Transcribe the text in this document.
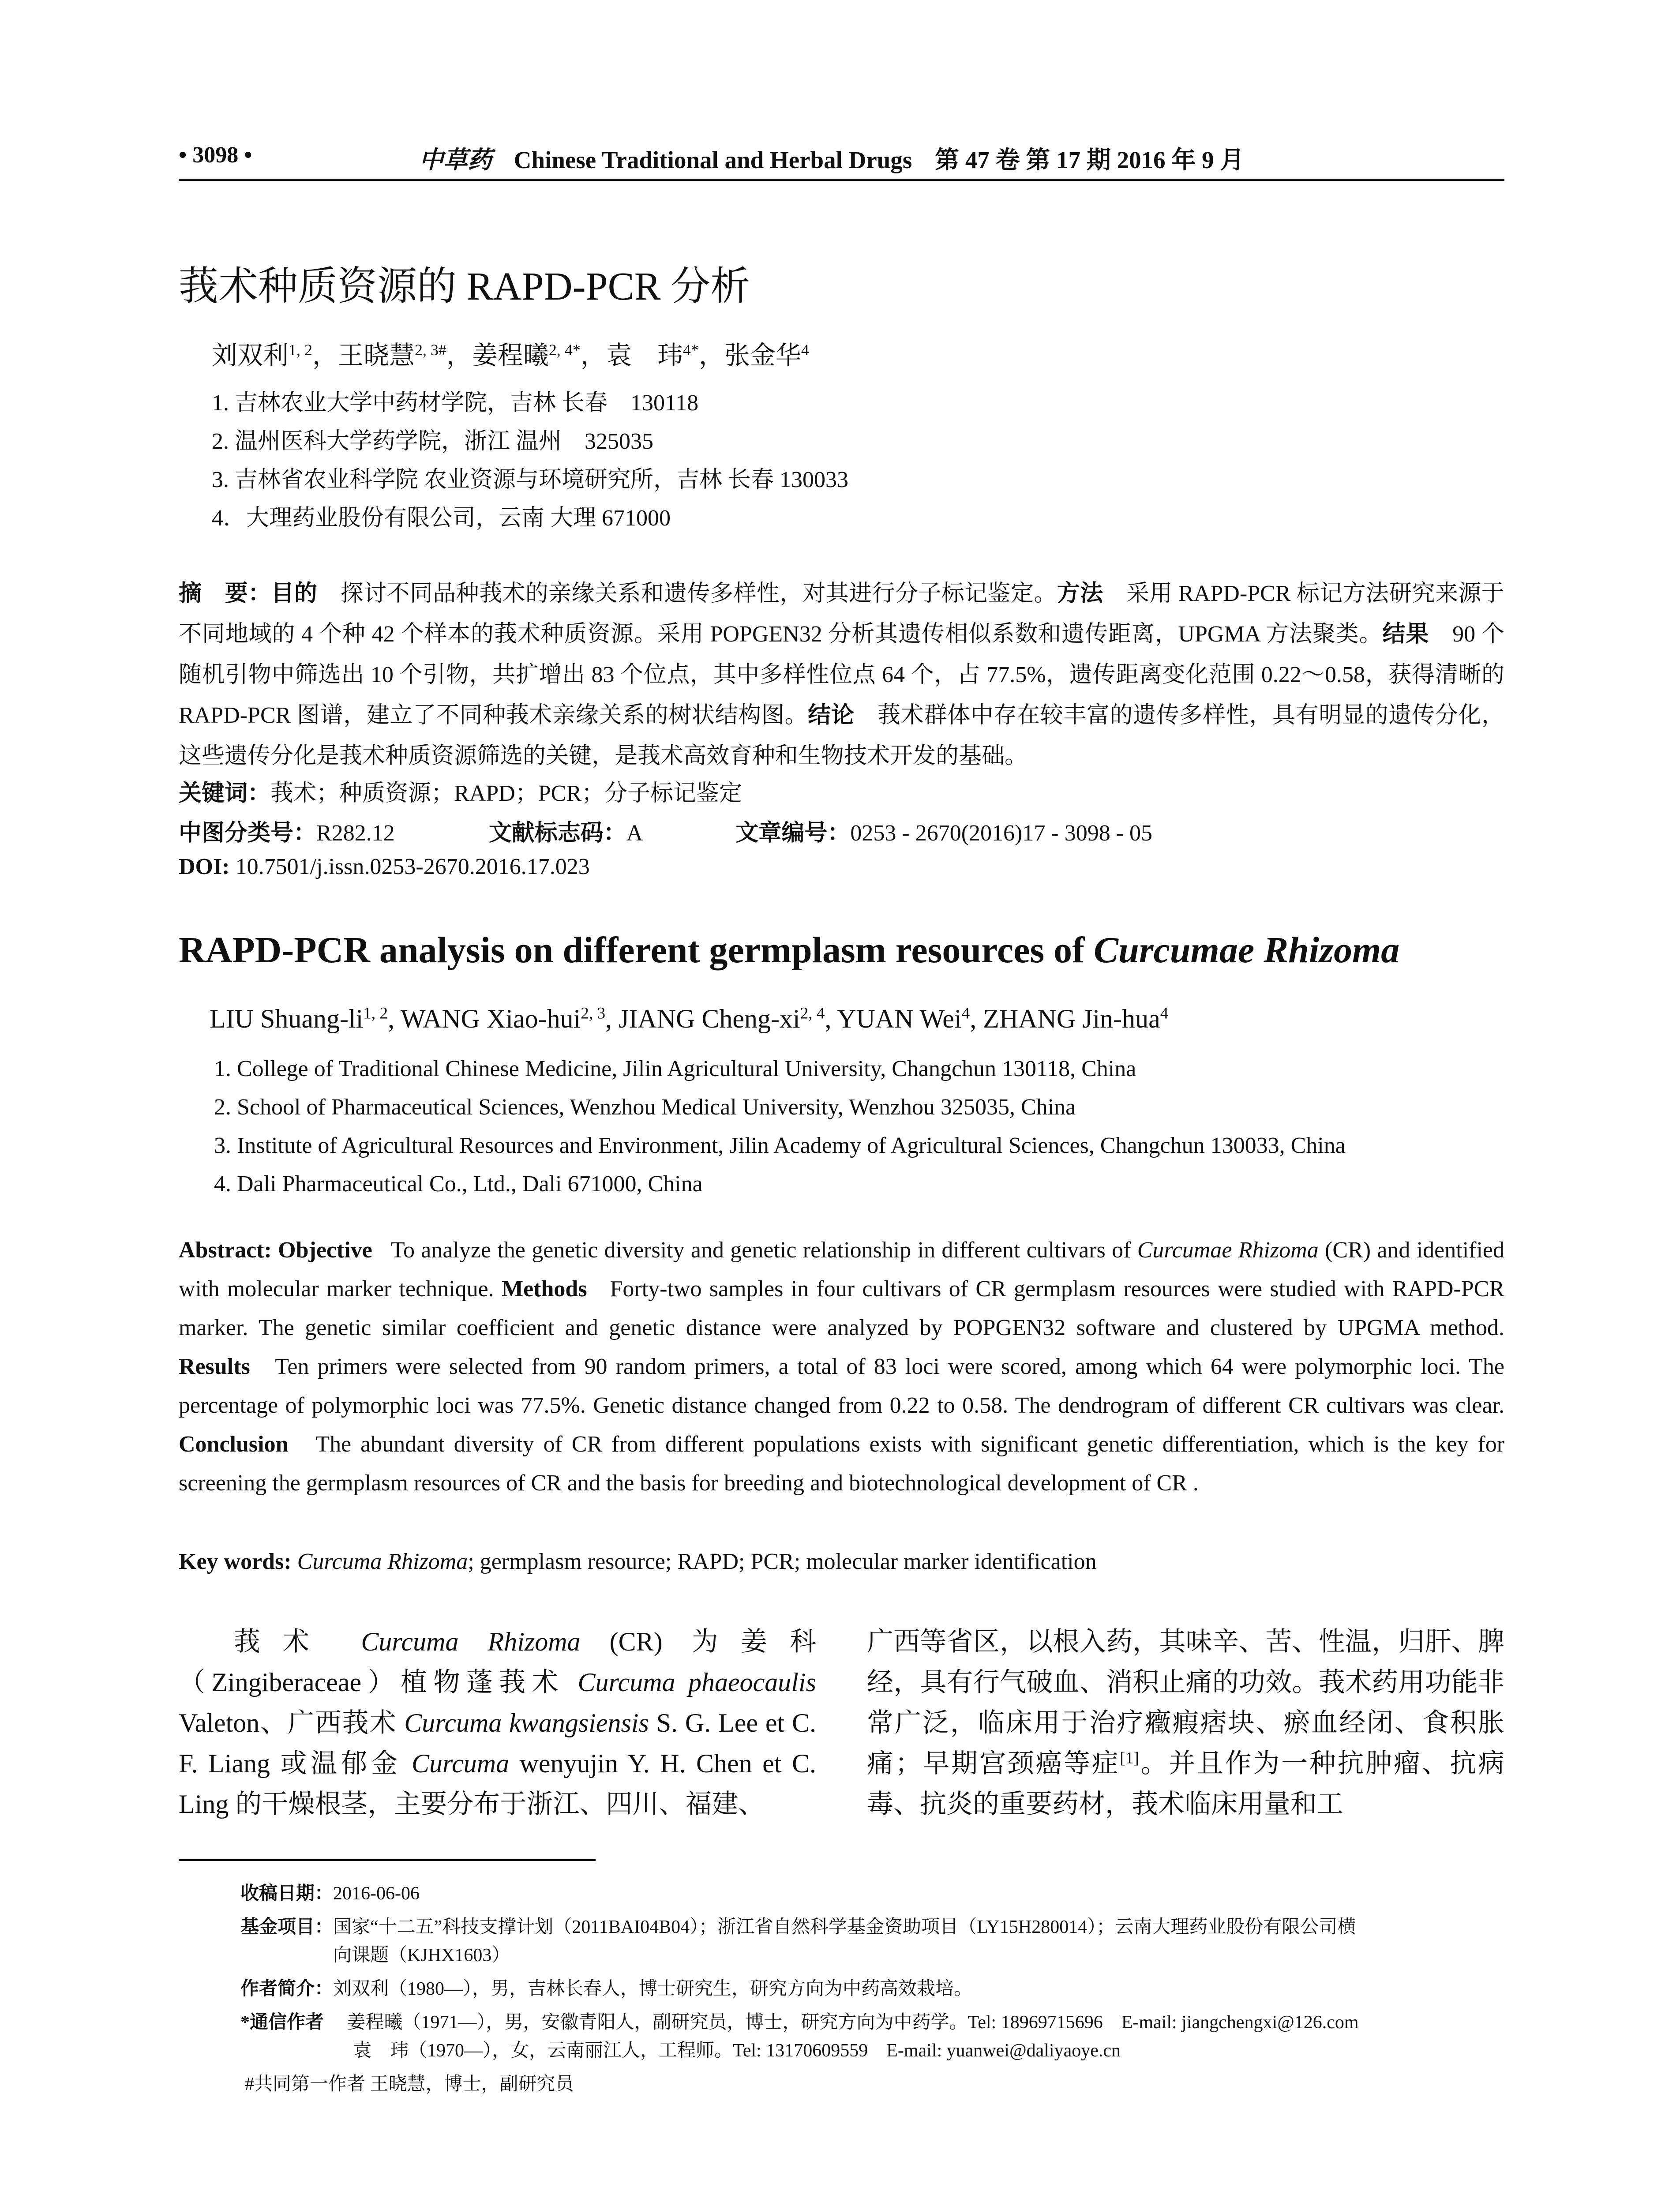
• 3098 •	中草药 Chinese Traditional and Herbal Drugs 第 47 卷 第 17 期 2016 年 9 月
莪术种质资源的 RAPD-PCR 分析
刘双利$^{1, 2}$，王晓慧$^{2, 3\#}$，姜程曦$^{2, 4*}$，袁　玮$^{4*}$，张金华$^4$
1. 吉林农业大学中药材学院，吉林 长春　130118
2. 温州医科大学药学院，浙江 温州　325035
3. 吉林省农业科学院 农业资源与环境研究所，吉林 长春 130033
4．大理药业股份有限公司，云南 大理 671000

摘　要：目的　 探讨不同品种莪术的亲缘关系和遗传多样性，对其进行分子标记鉴定。方法　 采用 RAPD-PCR 标记方法研究来源于不同地域的 4 个种 42 个样本的莪术种质资源。采用 POPGEN32 分析其遗传相似系数和遗传距离，UPGMA 方法聚类。结果　 90 个随机引物中筛选出 10 个引物，共扩增出 83 个位点，其中多样性位点 64 个，占 77.5%，遗传距离变化范围 0.22～0.58，获得清晰的 RAPD-PCR 图谱，建立了不同种莪术亲缘关系的树状结构图。结论　 莪术群体中存在较丰富的遗传多样性，具有明显的遗传分化，这些遗传分化是莪术种质资源筛选的关键，是莪术高效育种和生物技术开发的基础。

关键词：莪术；种质资源；RAPD；PCR；分子标记鉴定
中图分类号：R282.12	文献标志码：A	文章编号：0253 - 2670(2016)17 - 3098 - 05
DOI: 10.7501/j.issn.0253-2670.2016.17.023
RAPD-PCR analysis on different germplasm resources of Curcumae Rhizoma
LIU Shuang-li$^{1, 2}$, WANG Xiao-hui$^{2, 3}$, JIANG Cheng-xi$^{2, 4}$, YUAN Wei$^4$, ZHANG Jin-hua$^4$
1. College of Traditional Chinese Medicine, Jilin Agricultural University, Changchun 130118, China
2. School of Pharmaceutical Sciences, Wenzhou Medical University, Wenzhou 325035, China
3. Institute of Agricultural Resources and Environment, Jilin Academy of Agricultural Sciences, Changchun 130033, China
4. Dali Pharmaceutical Co., Ltd., Dali 671000, China

Abstract: Objective To analyze the genetic diversity and genetic relationship in different cultivars of Curcumae Rhizoma (CR) and identified with molecular marker technique. Methods Forty-two samples in four cultivars of CR germplasm resources were studied with RAPD-PCR marker. The genetic similar coefficient and genetic distance were analyzed by POPGEN32 software and clustered by UPGMA method. Results Ten primers were selected from 90 random primers, a total of 83 loci were scored, among which 64 were polymorphic loci. The percentage of polymorphic loci was 77.5%. Genetic distance changed from 0.22 to 0.58. The dendrogram of different CR cultivars was clear. Conclusion The abundant diversity of CR from different populations exists with significant genetic differentiation, which is the key for screening the germplasm resources of CR and the basis for breeding and biotechnological development of CR .

Key words: Curcuma Rhizoma; germplasm resource; RAPD; PCR; molecular marker identification

莪术 Curcuma Rhizoma (CR) 为姜科（Zingiberaceae）植物蓬莪术 Curcuma phaeocaulis Valeton、广西莪术 Curcuma kwangsiensis S. G. Lee et C. F. Liang 或温郁金 Curcuma wenyujin Y. H. Chen et C. Ling 的干燥根茎，主要分布于浙江、四川、福建、

广西等省区，以根入药，其味辛、苦、性温，归肝、脾经，具有行气破血、消积止痛的功效。莪术药用功能非常广泛，临床用于治疗癥瘕痞块、瘀血经闭、食积胀痛；早期宫颈癌等症[1]。并且作为一种抗肿瘤、抗病毒、抗炎的重要药材，莪术临床用量和工

收稿日期：2016-06-06
基金项目：国家“十二五”科技支撑计划（2011BAI04B04）；浙江省自然科学基金资助项目（LY15H280014）；云南大理药业股份有限公司横
向课题（KJHX1603）
作者简介：刘双利（1980—），男，吉林长春人，博士研究生，研究方向为中药高效栽培。
*通信作者 姜程曦（1971—），男，安徽青阳人，副研究员，博士，研究方向为中药学。Tel: 18969715696　E-mail: jiangchengxi@126.com
袁　玮（1970—），女，云南丽江人，工程师。Tel: 13170609559　E-mail: yuanwei@daliyaoye.cn
#共同第一作者 王晓慧，博士，副研究员
